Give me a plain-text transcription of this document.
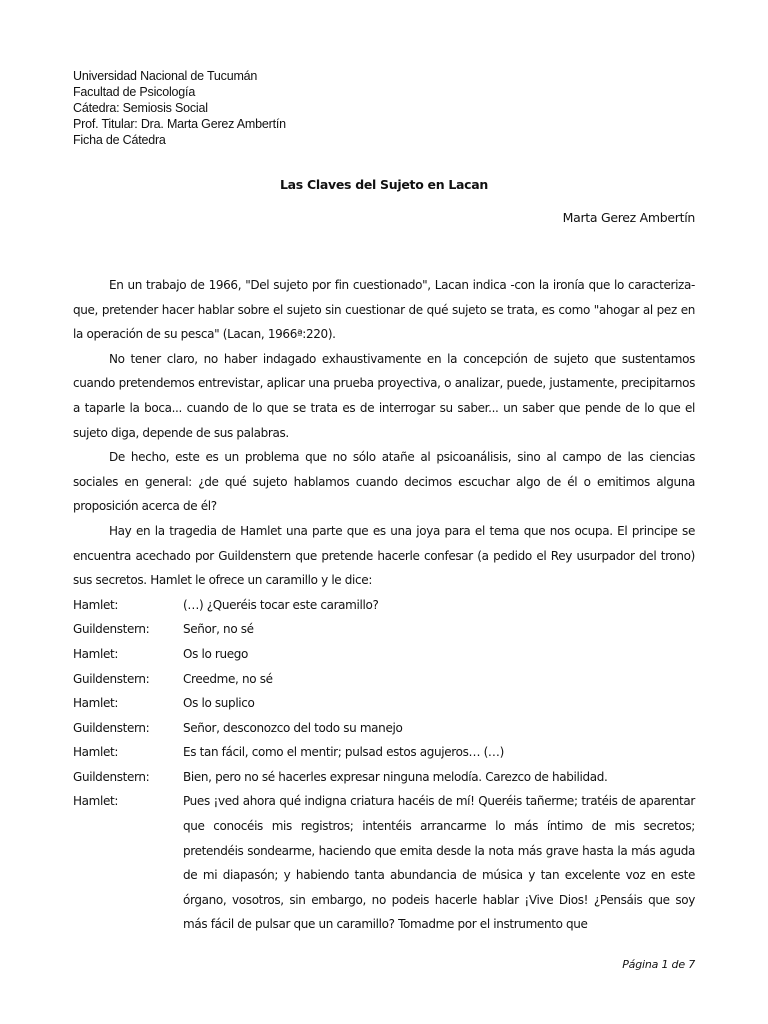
Universidad Nacional de Tucumán
Facultad de Psicología
Cátedra: Semiosis Social
Prof. Titular: Dra. Marta Gerez Ambertín
Ficha de Cátedra
Las Claves del Sujeto en Lacan
Marta Gerez Ambertín

En un trabajo de 1966, "Del sujeto por fin cuestionado", Lacan indica -con la ironía que lo caracteriza- que, pretender hacer hablar sobre el sujeto sin cuestionar de qué sujeto se trata, es como "ahogar al pez en la operación de su pesca" (Lacan, 1966ª:220).

No tener claro, no haber indagado exhaustivamente en la concepción de sujeto que sustentamos cuando pretendemos entrevistar, aplicar una prueba proyectiva, o analizar, puede, justamente, precipitarnos a taparle la boca... cuando de lo que se trata es de interrogar su saber... un saber que pende de lo que el sujeto diga, depende de sus palabras.

De hecho, este es un problema que no sólo atañe al psicoanálisis, sino al campo de las ciencias sociales en general: ¿de qué sujeto hablamos cuando decimos escuchar algo de él o emitimos alguna proposición acerca de él?

Hay en la tragedia de Hamlet una parte que es una joya para el tema que nos ocupa. El principe se encuentra acechado por Guildenstern que pretende hacerle confesar (a pedido el Rey usurpador del trono) sus secretos. Hamlet le ofrece un caramillo y le dice:

Hamlet:	(…) ¿Queréis tocar este caramillo?
Guildenstern:	Señor, no sé
Hamlet:	Os lo ruego
Guildenstern:	Creedme, no sé
Hamlet:	Os lo suplico
Guildenstern:	Señor, desconozco del todo su manejo
Hamlet:	Es tan fácil, como el mentir; pulsad estos agujeros… (…)
Guildenstern:	Bien, pero no sé hacerles expresar ninguna melodía. Carezco de habilidad.
Hamlet:	Pues ¡ved ahora qué indigna criatura hacéis de mí! Queréis tañerme; tratéis de aparentar que conocéis mis registros; intentéis arrancarme lo más íntimo de mis secretos; pretendéis sondearme, haciendo que emita desde la nota más grave hasta la más aguda de mi diapasón; y habiendo tanta abundancia de música y tan excelente voz en este órgano, vosotros, sin embargo, no podeis hacerle hablar ¡Vive Dios! ¿Pensáis que soy más fácil de pulsar que un caramillo? Tomadme por el instrumento que
Página 1 de 7
